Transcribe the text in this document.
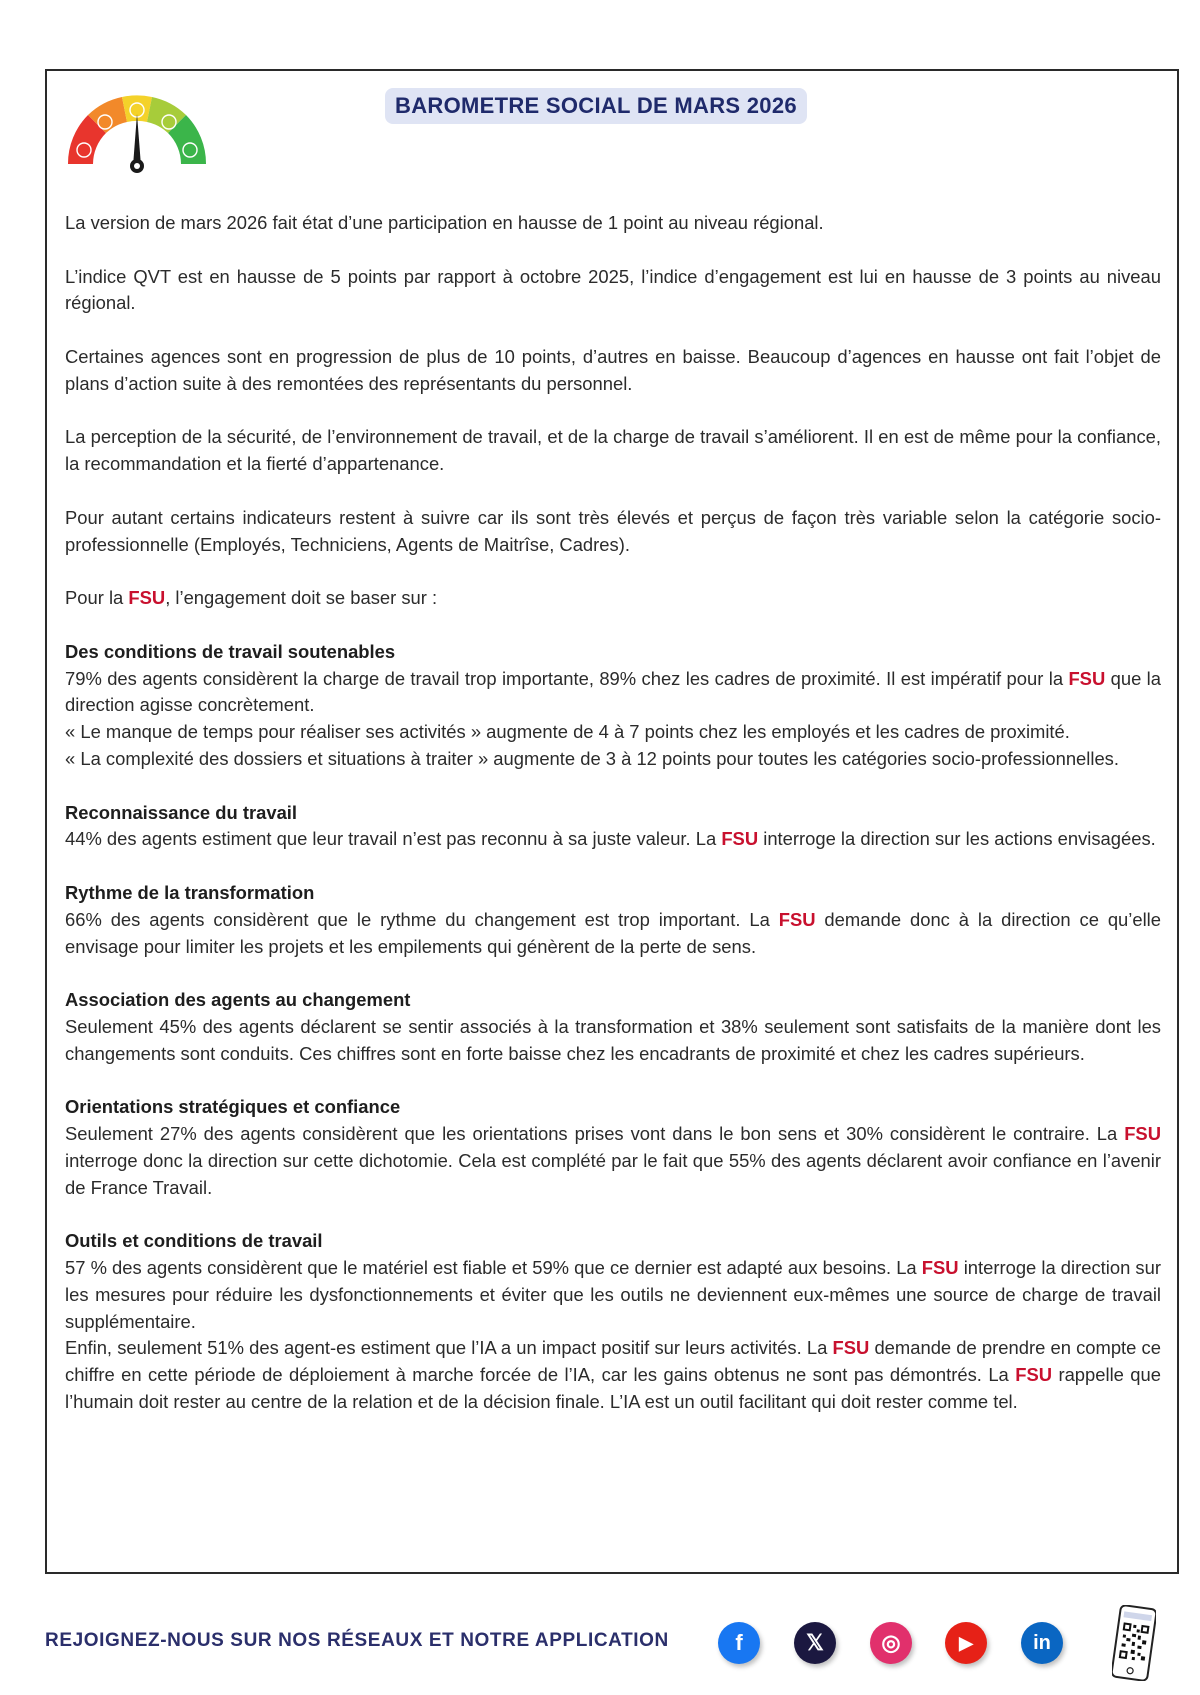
BAROMETRE SOCIAL DE MARS 2026

La version de mars 2026 fait état d’une participation en hausse de 1 point au niveau régional.

L’indice QVT est en hausse de 5 points par rapport à octobre 2025, l’indice d’engagement est lui en hausse de 3 points au niveau régional.

Certaines agences sont en progression de plus de 10 points, d’autres en baisse. Beaucoup d’agences en hausse ont fait l’objet de plans d’action suite à des remontées des représentants du personnel.

La perception de la sécurité, de l’environnement de travail, et de la charge de travail s’améliorent. Il en est de même pour la confiance, la recommandation et la fierté d’appartenance.

Pour autant certains indicateurs restent à suivre car ils sont très élevés et perçus de façon très variable selon la catégorie socio-professionnelle (Employés, Techniciens, Agents de Maitrîse, Cadres).

Pour la FSU, l’engagement doit se baser sur :

Des conditions de travail soutenables

79% des agents considèrent la charge de travail trop importante, 89% chez les cadres de proximité. Il est impératif pour la FSU que la direction agisse concrètement.

« Le manque de temps pour réaliser ses activités » augmente de 4 à 7 points chez les employés et les cadres de proximité.

« La complexité des dossiers et situations à traiter » augmente de 3 à 12 points pour toutes les catégories socio-professionnelles.

Reconnaissance du travail

44% des agents estiment que leur travail n’est pas reconnu à sa juste valeur. La FSU interroge la direction sur les actions envisagées.

Rythme de la transformation

66% des agents considèrent que le rythme du changement est trop important. La FSU demande donc à la direction ce qu’elle envisage pour limiter les projets et les empilements qui génèrent de la perte de sens.

Association des agents au changement

Seulement 45% des agents déclarent se sentir associés à la transformation et 38% seulement sont satisfaits de la manière dont les changements sont conduits. Ces chiffres sont en forte baisse chez les encadrants de proximité et chez les cadres supérieurs.

Orientations stratégiques et confiance

Seulement 27% des agents considèrent que les orientations prises vont dans le bon sens et 30% considèrent le contraire. La FSU interroge donc la direction sur cette dichotomie. Cela est complété par le fait que 55% des agents déclarent avoir confiance en l’avenir de France Travail.

Outils et conditions de travail

57 % des agents considèrent que le matériel est fiable et 59% que ce dernier est adapté aux besoins. La FSU interroge la direction sur les mesures pour réduire les dysfonctionnements et éviter que les outils ne deviennent eux-mêmes une source de charge de travail supplémentaire.

Enfin, seulement 51% des agent-es estiment que l’IA a un impact positif sur leurs activités. La FSU demande de prendre en compte ce chiffre en cette période de déploiement à marche forcée de l’IA, car les gains obtenus ne sont pas démontrés. La FSU rappelle que l’humain doit rester au centre de la relation et de la décision finale. L’IA est un outil facilitant qui doit rester comme tel.

REJOIGNEZ-NOUS SUR NOS RÉSEAUX ET NOTRE APPLICATION	f	𝕏	◎	▶	in
